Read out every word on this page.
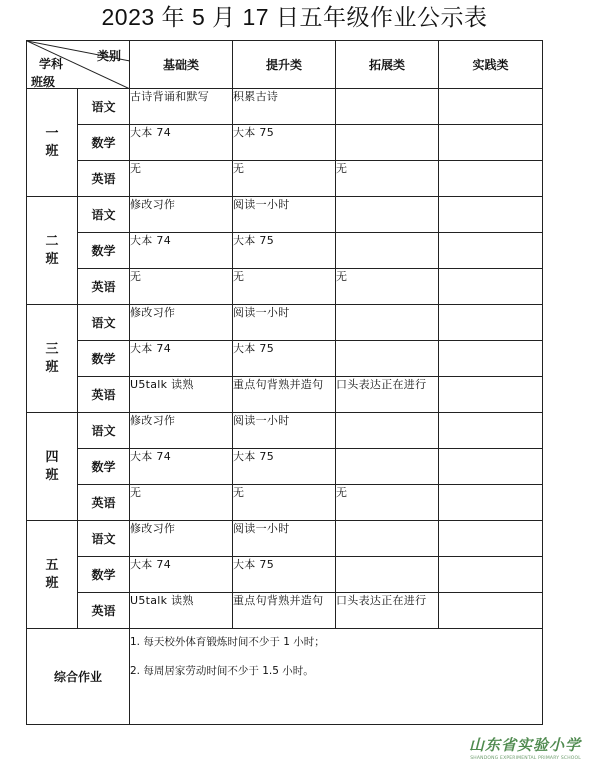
2023 年 5 月 17 日五年级作业公示表
类别
学科
班级		基础类	提升类	拓展类	实践类

一
班	语文	古诗背诵和默写	积累古诗		
	数学	大本 74	大本 75		
	英语	无	无	无	

二
班	语文	修改习作	阅读一小时		
	数学	大本 74	大本 75		
	英语	无	无	无	

三
班	语文	修改习作	阅读一小时		
	数学	大本 74	大本 75		
	英语	U5talk 读熟	重点句背熟并造句	口头表达正在进行	

四
班	语文	修改习作	阅读一小时		
	数学	大本 74	大本 75		
	英语	无	无	无	

五
班	语文	修改习作	阅读一小时		
	数学	大本 74	大本 75		
	英语	U5talk 读熟	重点句背熟并造句	口头表达正在进行	
综合作业		1. 每天校外体育锻炼时间不少于 1 小时；

2. 每周居家劳动时间不少于 1.5 小时。			

山东省实验小学
SHANDONG EXPERIMENTAL PRIMARY SCHOOL
